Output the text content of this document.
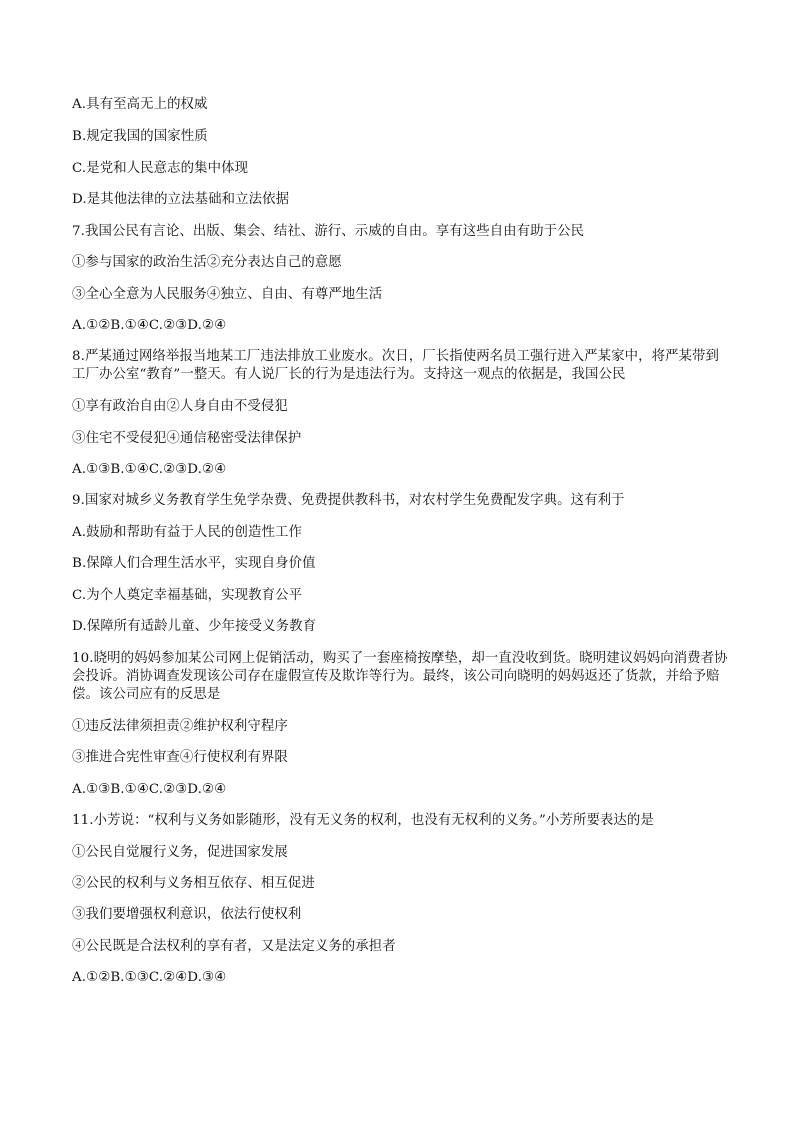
A.具有至高无上的权威
B.规定我国的国家性质
C.是党和人民意志的集中体现
D.是其他法律的立法基础和立法依据
7.我国公民有言论、出版、集会、结社、游行、示威的自由。享有这些自由有助于公民
①参与国家的政治生活②充分表达自己的意愿
③全心全意为人民服务④独立、自由、有尊严地生活
A.①②B.①④C.②③D.②④
8.严某通过网络举报当地某工厂违法排放工业废水。次日，厂长指使两名员工强行进入严某家中，将严某带到工厂办公室“教育”一整天。有人说厂长的行为是违法行为。支持这一观点的依据是，我国公民
①享有政治自由②人身自由不受侵犯
③住宅不受侵犯④通信秘密受法律保护
A.①③B.①④C.②③D.②④
9.国家对城乡义务教育学生免学杂费、免费提供教科书，对农村学生免费配发字典。这有利于
A.鼓励和帮助有益于人民的创造性工作
B.保障人们合理生活水平，实现自身价值
C.为个人奠定幸福基础，实现教育公平
D.保障所有适龄儿童、少年接受义务教育
10.晓明的妈妈参加某公司网上促销活动，购买了一套座椅按摩垫，却一直没收到货。晓明建议妈妈向消费者协会投诉。消协调查发现该公司存在虚假宣传及欺诈等行为。最终，该公司向晓明的妈妈返还了货款，并给予赔偿。该公司应有的反思是
①违反法律须担责②维护权利守程序
③推进合宪性审查④行使权利有界限
A.①③B.①④C.②③D.②④
11.小芳说：“权利与义务如影随形，没有无义务的权利，也没有无权利的义务。”小芳所要表达的是
①公民自觉履行义务，促进国家发展
②公民的权利与义务相互依存、相互促进
③我们要增强权利意识，依法行使权利
④公民既是合法权利的享有者，又是法定义务的承担者
A.①②B.①③C.②④D.③④
